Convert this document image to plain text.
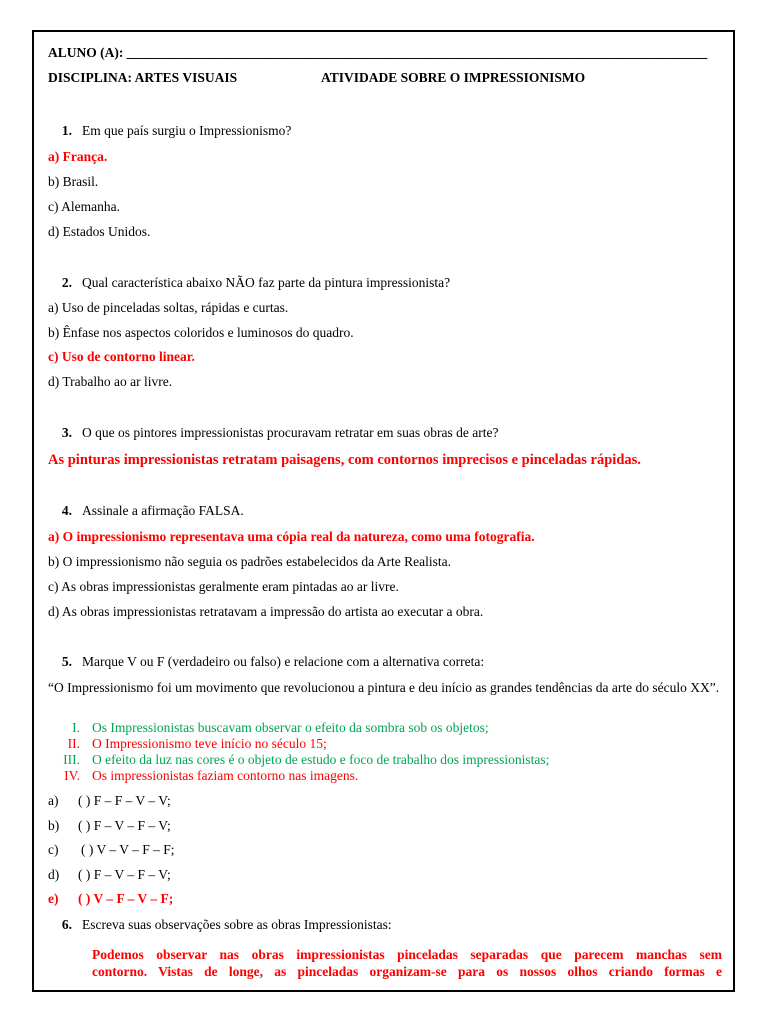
ALUNO (A): ______________________________________________________________________________________
DISCIPLINA: ARTES VISUAIS	ATIVIDADE SOBRE O IMPRESSIONISMO
1. Em que país surgiu o Impressionismo?
a) França.
b) Brasil.
c) Alemanha.
d) Estados Unidos.
2. Qual característica abaixo NÃO faz parte da pintura impressionista?
a) Uso de pinceladas soltas, rápidas e curtas.
b) Ênfase nos aspectos coloridos e luminosos do quadro.
c) Uso de contorno linear.
d) Trabalho ao ar livre.
3. O que os pintores impressionistas procuravam retratar em suas obras de arte?
As pinturas impressionistas retratam paisagens, com contornos imprecisos e pinceladas rápidas.
4. Assinale a afirmação FALSA.
a) O impressionismo representava uma cópia real da natureza, como uma fotografia.
b) O impressionismo não seguia os padrões estabelecidos da Arte Realista.
c) As obras impressionistas geralmente eram pintadas ao ar livre.
d) As obras impressionistas retratavam a impressão do artista ao executar a obra.
5. Marque V ou F (verdadeiro ou falso) e relacione com a alternativa correta:
“O Impressionismo foi um movimento que revolucionou a pintura e deu início as grandes tendências da arte do século XX”.
I. Os Impressionistas buscavam observar o efeito da sombra sob os objetos;
II. O Impressionismo teve início no século 15;
III. O efeito da luz nas cores é o objeto de estudo e foco de trabalho dos impressionistas;
IV. Os impressionistas faziam contorno nas imagens.
a) ( ) F – F – V – V;
b) ( ) F – V – F – V;
c) ( ) V – V – F – F;
d) ( ) F – V – F – V;
e) ( ) V – F – V – F;
6. Escreva suas observações sobre as obras Impressionistas:
Podemos observar nas obras impressionistas pinceladas separadas que parecem manchas sem
contorno. Vistas de longe, as pinceladas organizam-se para os nossos olhos criando formas e
